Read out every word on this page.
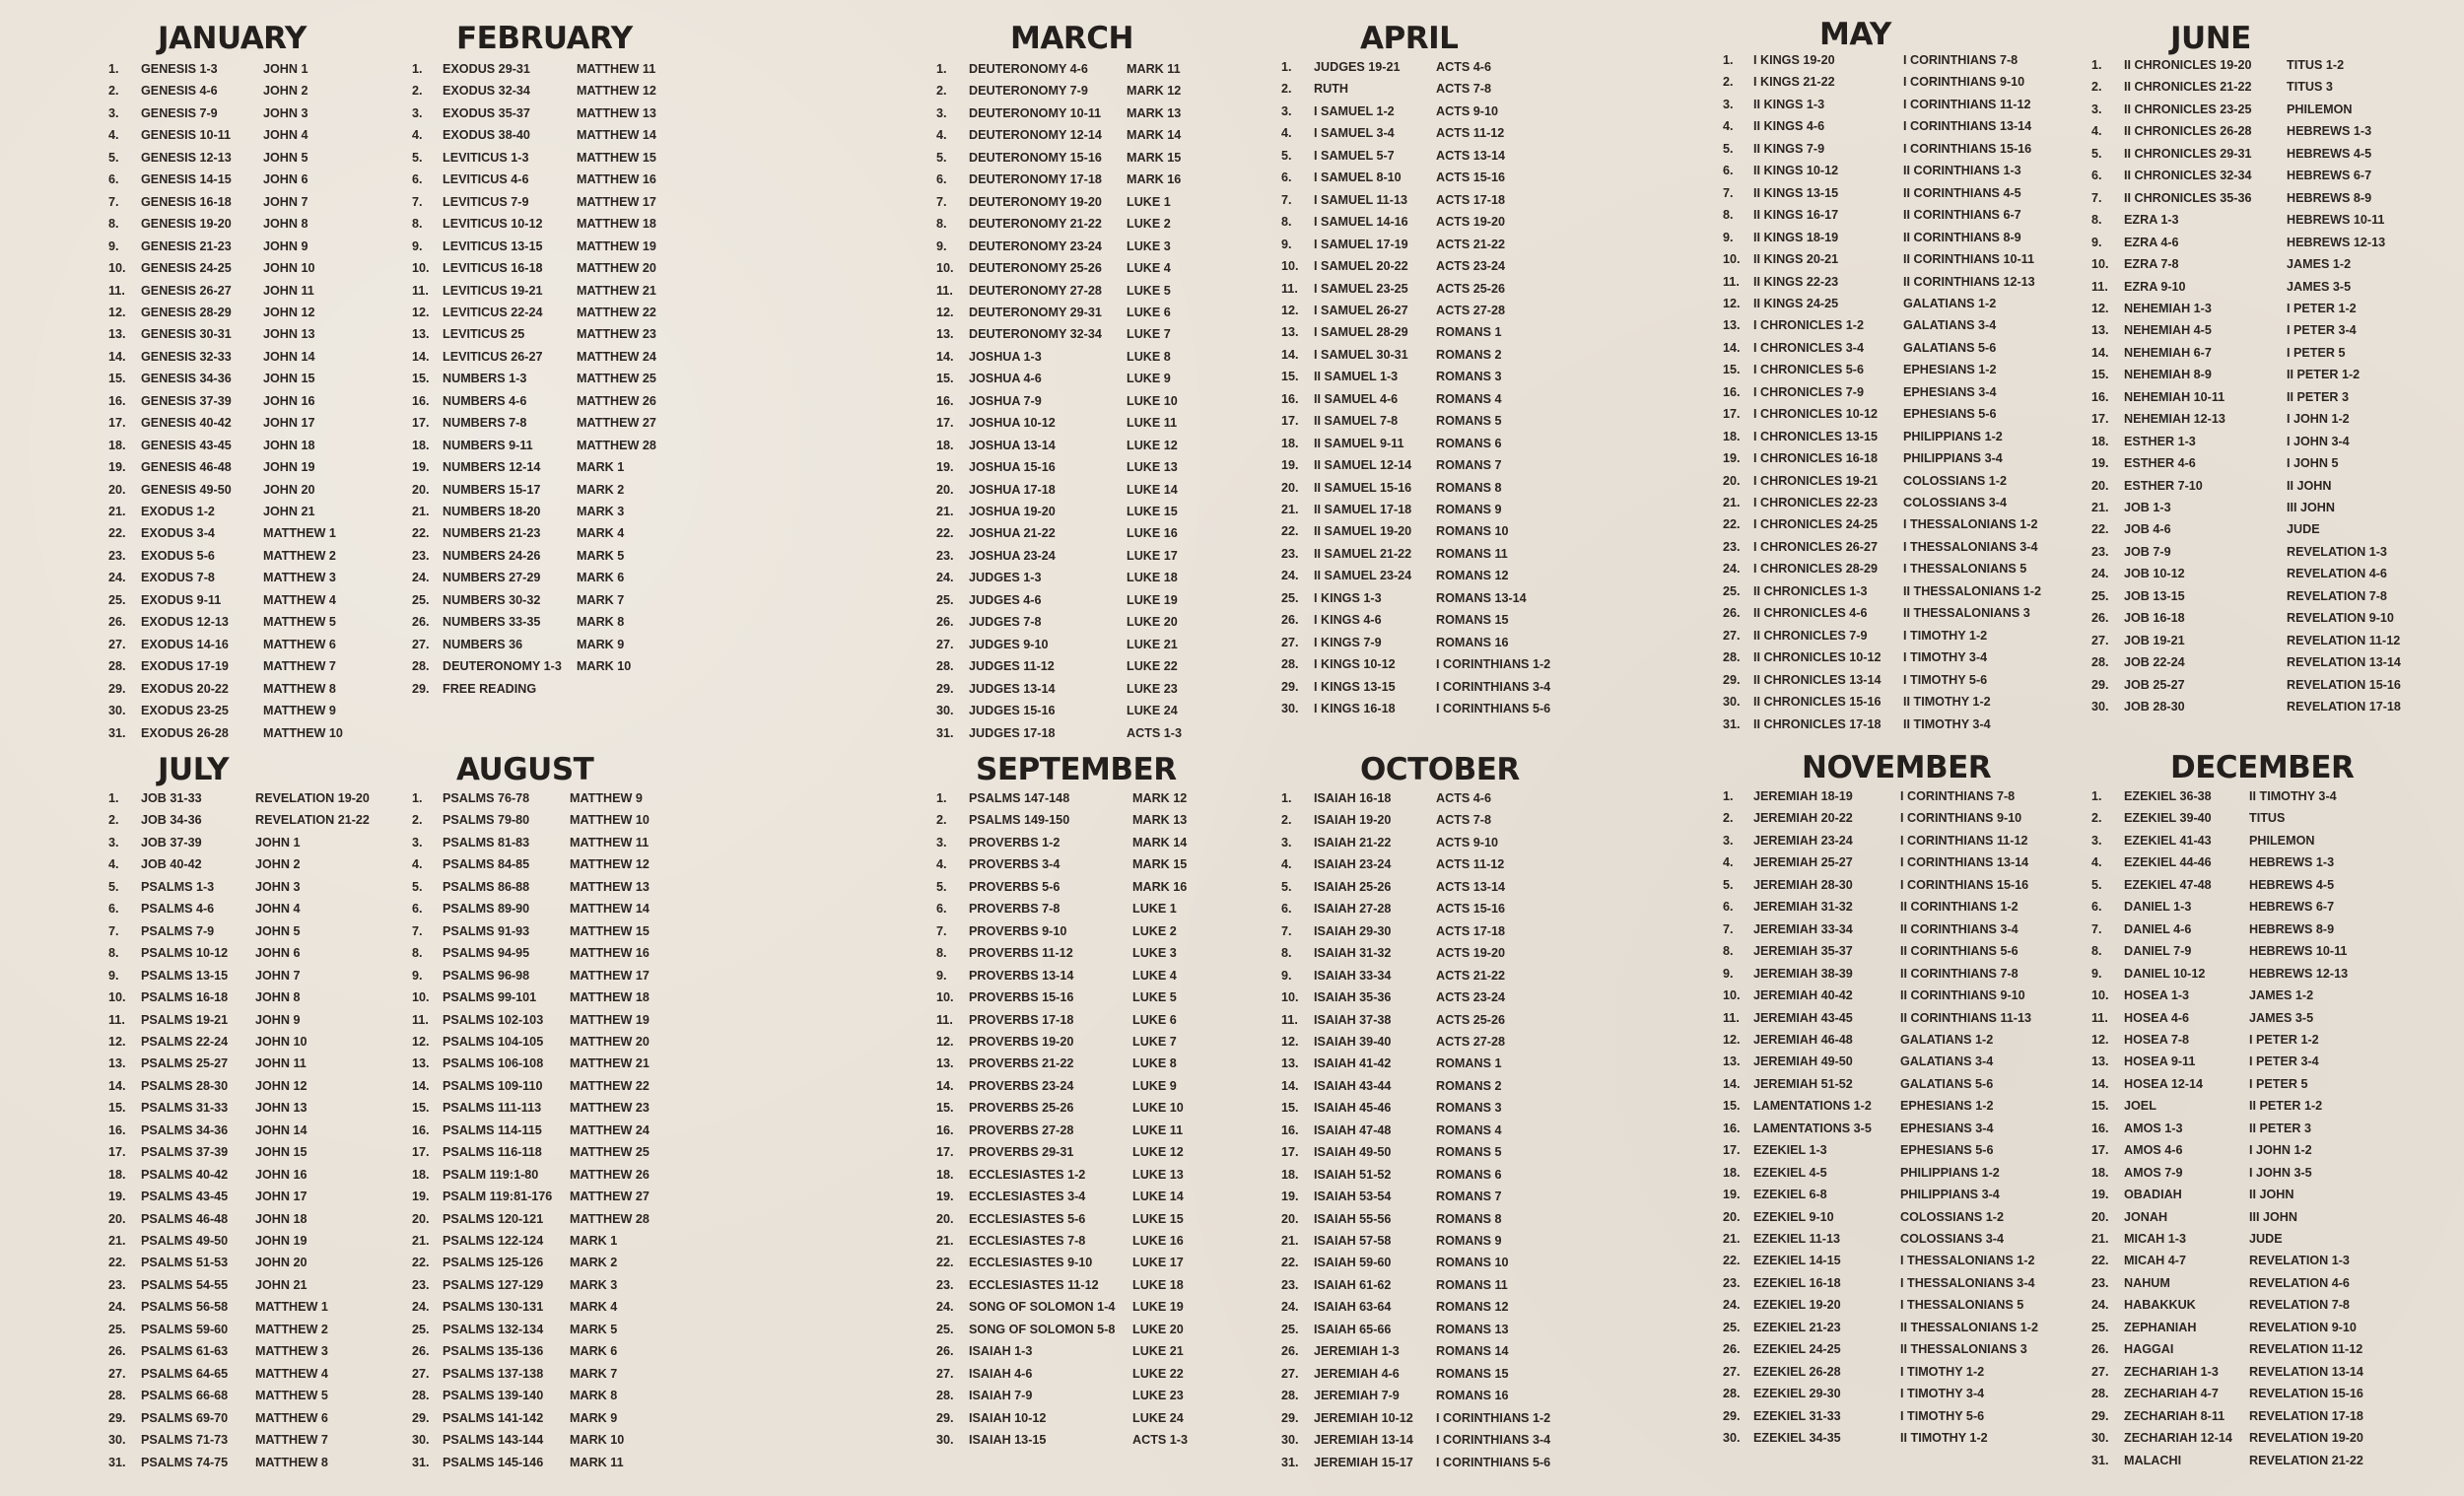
JANUARY
1. GENESIS 1-3	JOHN 1
2. GENESIS 4-6	JOHN 2
3. GENESIS 7-9	JOHN 3
4. GENESIS 10-11	JOHN 4
5. GENESIS 12-13	JOHN 5
6. GENESIS 14-15	JOHN 6
7. GENESIS 16-18	JOHN 7
8. GENESIS 19-20	JOHN 8
9. GENESIS 21-23	JOHN 9
10. GENESIS 24-25	JOHN 10
11. GENESIS 26-27	JOHN 11
12. GENESIS 28-29	JOHN 12
13. GENESIS 30-31	JOHN 13
14. GENESIS 32-33	JOHN 14
15. GENESIS 34-36	JOHN 15
16. GENESIS 37-39	JOHN 16
17. GENESIS 40-42	JOHN 17
18. GENESIS 43-45	JOHN 18
19. GENESIS 46-48	JOHN 19
20. GENESIS 49-50	JOHN 20
21. EXODUS 1-2	JOHN 21
22. EXODUS 3-4	MATTHEW 1
23. EXODUS 5-6	MATTHEW 2
24. EXODUS 7-8	MATTHEW 3
25. EXODUS 9-11	MATTHEW 4
26. EXODUS 12-13	MATTHEW 5
27. EXODUS 14-16	MATTHEW 6
28. EXODUS 17-19	MATTHEW 7
29. EXODUS 20-22	MATTHEW 8
30. EXODUS 23-25	MATTHEW 9
31. EXODUS 26-28	MATTHEW 10
FEBRUARY
1. EXODUS 29-31	MATTHEW 11
2. EXODUS 32-34	MATTHEW 12
3. EXODUS 35-37	MATTHEW 13
4. EXODUS 38-40	MATTHEW 14
5. LEVITICUS 1-3	MATTHEW 15
6. LEVITICUS 4-6	MATTHEW 16
7. LEVITICUS 7-9	MATTHEW 17
8. LEVITICUS 10-12	MATTHEW 18
9. LEVITICUS 13-15	MATTHEW 19
10. LEVITICUS 16-18	MATTHEW 20
11. LEVITICUS 19-21	MATTHEW 21
12. LEVITICUS 22-24	MATTHEW 22
13. LEVITICUS 25	MATTHEW 23
14. LEVITICUS 26-27	MATTHEW 24
15. NUMBERS 1-3	MATTHEW 25
16. NUMBERS 4-6	MATTHEW 26
17. NUMBERS 7-8	MATTHEW 27
18. NUMBERS 9-11	MATTHEW 28
19. NUMBERS 12-14	MARK 1
20. NUMBERS 15-17	MARK 2
21. NUMBERS 18-20	MARK 3
22. NUMBERS 21-23	MARK 4
23. NUMBERS 24-26	MARK 5
24. NUMBERS 27-29	MARK 6
25. NUMBERS 30-32	MARK 7
26. NUMBERS 33-35	MARK 8
27. NUMBERS 36	MARK 9
28. DEUTERONOMY 1-3 MARK 10
29. FREE READING
MARCH
1. DEUTERONOMY 4-6	MARK 11
2. DEUTERONOMY 7-9	MARK 12
3. DEUTERONOMY 10-11 MARK 13
4. DEUTERONOMY 12-14 MARK 14
5. DEUTERONOMY 15-16 MARK 15
6. DEUTERONOMY 17-18 MARK 16
7. DEUTERONOMY 19-20 LUKE 1
8. DEUTERONOMY 21-22 LUKE 2
9. DEUTERONOMY 23-24 LUKE 3
10. DEUTERONOMY 25-26 LUKE 4
11. DEUTERONOMY 27-28 LUKE 5
12. DEUTERONOMY 29-31 LUKE 6
13. DEUTERONOMY 32-34 LUKE 7
14. JOSHUA 1-3	LUKE 8
15. JOSHUA 4-6	LUKE 9
16. JOSHUA 7-9	LUKE 10
17. JOSHUA 10-12	LUKE 11
18. JOSHUA 13-14	LUKE 12
19. JOSHUA 15-16	LUKE 13
20. JOSHUA 17-18	LUKE 14
21. JOSHUA 19-20	LUKE 15
22. JOSHUA 21-22	LUKE 16
23. JOSHUA 23-24	LUKE 17
24. JUDGES 1-3	LUKE 18
25. JUDGES 4-6	LUKE 19
26. JUDGES 7-8	LUKE 20
27. JUDGES 9-10	LUKE 21
28. JUDGES 11-12	LUKE 22
29. JUDGES 13-14	LUKE 23
30. JUDGES 15-16	LUKE 24
31. JUDGES 17-18	ACTS 1-3
APRIL
1. JUDGES 19-21	ACTS 4-6
2. RUTH	ACTS 7-8
3. I SAMUEL 1-2	ACTS 9-10
4. I SAMUEL 3-4	ACTS 11-12
5. I SAMUEL 5-7	ACTS 13-14
6. I SAMUEL 8-10	ACTS 15-16
7. I SAMUEL 11-13 ACTS 17-18
8. I SAMUEL 14-16 ACTS 19-20
9. I SAMUEL 17-19 ACTS 21-22
10. I SAMUEL 20-22 ACTS 23-24
11. I SAMUEL 23-25 ACTS 25-26
12. I SAMUEL 26-27 ACTS 27-28
13. I SAMUEL 28-29 ROMANS 1
14. I SAMUEL 30-31 ROMANS 2
15. II SAMUEL 1-3	ROMANS 3
16. II SAMUEL 4-6	ROMANS 4
17. II SAMUEL 7-8	ROMANS 5
18. II SAMUEL 9-11	ROMANS 6
19. II SAMUEL 12-14 ROMANS 7
20. II SAMUEL 15-16 ROMANS 8
21. II SAMUEL 17-18 ROMANS 9
22. II SAMUEL 19-20 ROMANS 10
23. II SAMUEL 21-22 ROMANS 11
24. II SAMUEL 23-24 ROMANS 12
25. I KINGS 1-3	ROMANS 13-14
26. I KINGS 4-6	ROMANS 15
27. I KINGS 7-9	ROMANS 16
28. I KINGS 10-12	I CORINTHIANS 1-2
29. I KINGS 13-15	I CORINTHIANS 3-4
30. I KINGS 16-18	I CORINTHIANS 5-6
MAY
1. I KINGS 19-20	I CORINTHIANS 7-8
2. I KINGS 21-22	I CORINTHIANS 9-10
3. II KINGS 1-3	I CORINTHIANS 11-12
4. II KINGS 4-6	I CORINTHIANS 13-14
5. II KINGS 7-9	I CORINTHIANS 15-16
6. II KINGS 10-12	II CORINTHIANS 1-3
7. II KINGS 13-15	II CORINTHIANS 4-5
8. II KINGS 16-17	II CORINTHIANS 6-7
9. II KINGS 18-19	II CORINTHIANS 8-9
10. II KINGS 20-21	II CORINTHIANS 10-11
11. II KINGS 22-23	II CORINTHIANS 12-13
12. II KINGS 24-25	GALATIANS 1-2
13. I CHRONICLES 1-2	GALATIANS 3-4
14. I CHRONICLES 3-4	GALATIANS 5-6
15. I CHRONICLES 5-6	EPHESIANS 1-2
16. I CHRONICLES 7-9	EPHESIANS 3-4
17. I CHRONICLES 10-12 EPHESIANS 5-6
18. I CHRONICLES 13-15 PHILIPPIANS 1-2
19. I CHRONICLES 16-18 PHILIPPIANS 3-4
20. I CHRONICLES 19-21 COLOSSIANS 1-2
21. I CHRONICLES 22-23 COLOSSIANS 3-4
22. I CHRONICLES 24-25 I THESSALONIANS 1-2
23. I CHRONICLES 26-27 I THESSALONIANS 3-4
24. I CHRONICLES 28-29 I THESSALONIANS 5
25. II CHRONICLES 1-3	II THESSALONIANS 1-2
26. II CHRONICLES 4-6	II THESSALONIANS 3
27. II CHRONICLES 7-9	I TIMOTHY 1-2
28. II CHRONICLES 10-12 I TIMOTHY 3-4
29. II CHRONICLES 13-14 I TIMOTHY 5-6
30. II CHRONICLES 15-16 II TIMOTHY 1-2
31. II CHRONICLES 17-18 II TIMOTHY 3-4
JUNE
1. II CHRONICLES 19-20	TITUS 1-2
2. II CHRONICLES 21-22	TITUS 3
3. II CHRONICLES 23-25	PHILEMON
4. II CHRONICLES 26-28	HEBREWS 1-3
5. II CHRONICLES 29-31	HEBREWS 4-5
6. II CHRONICLES 32-34	HEBREWS 6-7
7. II CHRONICLES 35-36	HEBREWS 8-9
8. EZRA 1-3	HEBREWS 10-11
9. EZRA 4-6	HEBREWS 12-13
10. EZRA 7-8	JAMES 1-2
11. EZRA 9-10	JAMES 3-5
12. NEHEMIAH 1-3	I PETER 1-2
13. NEHEMIAH 4-5	I PETER 3-4
14. NEHEMIAH 6-7	I PETER 5
15. NEHEMIAH 8-9	II PETER 1-2
16. NEHEMIAH 10-11	II PETER 3
17. NEHEMIAH 12-13	I JOHN 1-2
18. ESTHER 1-3	I JOHN 3-4
19. ESTHER 4-6	I JOHN 5
20. ESTHER 7-10	II JOHN
21. JOB 1-3	III JOHN
22. JOB 4-6	JUDE
23. JOB 7-9	REVELATION 1-3
24. JOB 10-12	REVELATION 4-6
25. JOB 13-15	REVELATION 7-8
26. JOB 16-18	REVELATION 9-10
27. JOB 19-21	REVELATION 11-12
28. JOB 22-24	REVELATION 13-14
29. JOB 25-27	REVELATION 15-16
30. JOB 28-30	REVELATION 17-18
JULY
1. JOB 31-33	REVELATION 19-20
2. JOB 34-36	REVELATION 21-22
3. JOB 37-39	JOHN 1
4. JOB 40-42	JOHN 2
5. PSALMS 1-3	JOHN 3
6. PSALMS 4-6	JOHN 4
7. PSALMS 7-9	JOHN 5
8. PSALMS 10-12 JOHN 6
9. PSALMS 13-15 JOHN 7
10. PSALMS 16-18 JOHN 8
11. PSALMS 19-21 JOHN 9
12. PSALMS 22-24 JOHN 10
13. PSALMS 25-27 JOHN 11
14. PSALMS 28-30 JOHN 12
15. PSALMS 31-33 JOHN 13
16. PSALMS 34-36 JOHN 14
17. PSALMS 37-39 JOHN 15
18. PSALMS 40-42 JOHN 16
19. PSALMS 43-45 JOHN 17
20. PSALMS 46-48 JOHN 18
21. PSALMS 49-50 JOHN 19
22. PSALMS 51-53 JOHN 20
23. PSALMS 54-55 JOHN 21
24. PSALMS 56-58 MATTHEW 1
25. PSALMS 59-60 MATTHEW 2
26. PSALMS 61-63 MATTHEW 3
27. PSALMS 64-65 MATTHEW 4
28. PSALMS 66-68 MATTHEW 5
29. PSALMS 69-70 MATTHEW 6
30. PSALMS 71-73 MATTHEW 7
31. PSALMS 74-75 MATTHEW 8
AUGUST
1. PSALMS 76-78	MATTHEW 9
2. PSALMS 79-80	MATTHEW 10
3. PSALMS 81-83	MATTHEW 11
4. PSALMS 84-85	MATTHEW 12
5. PSALMS 86-88	MATTHEW 13
6. PSALMS 89-90	MATTHEW 14
7. PSALMS 91-93	MATTHEW 15
8. PSALMS 94-95	MATTHEW 16
9. PSALMS 96-98	MATTHEW 17
10. PSALMS 99-101	MATTHEW 18
11. PSALMS 102-103 MATTHEW 19
12. PSALMS 104-105 MATTHEW 20
13. PSALMS 106-108 MATTHEW 21
14. PSALMS 109-110 MATTHEW 22
15. PSALMS 111-113 MATTHEW 23
16. PSALMS 114-115 MATTHEW 24
17. PSALMS 116-118 MATTHEW 25
18. PSALM 119:1-80	MATTHEW 26
19. PSALM 119:81-176 MATTHEW 27
20. PSALMS 120-121 MATTHEW 28
21. PSALMS 122-124 MARK 1
22. PSALMS 125-126 MARK 2
23. PSALMS 127-129 MARK 3
24. PSALMS 130-131 MARK 4
25. PSALMS 132-134 MARK 5
26. PSALMS 135-136 MARK 6
27. PSALMS 137-138 MARK 7
28. PSALMS 139-140 MARK 8
29. PSALMS 141-142 MARK 9
30. PSALMS 143-144 MARK 10
31. PSALMS 145-146 MARK 11
SEPTEMBER
1. PSALMS 147-148	MARK 12
2. PSALMS 149-150	MARK 13
3. PROVERBS 1-2	MARK 14
4. PROVERBS 3-4	MARK 15
5. PROVERBS 5-6	MARK 16
6. PROVERBS 7-8	LUKE 1
7. PROVERBS 9-10	LUKE 2
8. PROVERBS 11-12	LUKE 3
9. PROVERBS 13-14	LUKE 4
10. PROVERBS 15-16	LUKE 5
11. PROVERBS 17-18	LUKE 6
12. PROVERBS 19-20	LUKE 7
13. PROVERBS 21-22	LUKE 8
14. PROVERBS 23-24	LUKE 9
15. PROVERBS 25-26	LUKE 10
16. PROVERBS 27-28	LUKE 11
17. PROVERBS 29-31	LUKE 12
18. ECCLESIASTES 1-2	LUKE 13
19. ECCLESIASTES 3-4	LUKE 14
20. ECCLESIASTES 5-6	LUKE 15
21. ECCLESIASTES 7-8	LUKE 16
22. ECCLESIASTES 9-10	LUKE 17
23. ECCLESIASTES 11-12	LUKE 18
24. SONG OF SOLOMON 1-4 LUKE 19
25. SONG OF SOLOMON 5-8 LUKE 20
26. ISAIAH 1-3	LUKE 21
27. ISAIAH 4-6	LUKE 22
28. ISAIAH 7-9	LUKE 23
29. ISAIAH 10-12	LUKE 24
30. ISAIAH 13-15	ACTS 1-3
OCTOBER
1. ISAIAH 16-18	ACTS 4-6
2. ISAIAH 19-20	ACTS 7-8
3. ISAIAH 21-22	ACTS 9-10
4. ISAIAH 23-24	ACTS 11-12
5. ISAIAH 25-26	ACTS 13-14
6. ISAIAH 27-28	ACTS 15-16
7. ISAIAH 29-30	ACTS 17-18
8. ISAIAH 31-32	ACTS 19-20
9. ISAIAH 33-34	ACTS 21-22
10. ISAIAH 35-36	ACTS 23-24
11. ISAIAH 37-38	ACTS 25-26
12. ISAIAH 39-40	ACTS 27-28
13. ISAIAH 41-42	ROMANS 1
14. ISAIAH 43-44	ROMANS 2
15. ISAIAH 45-46	ROMANS 3
16. ISAIAH 47-48	ROMANS 4
17. ISAIAH 49-50	ROMANS 5
18. ISAIAH 51-52	ROMANS 6
19. ISAIAH 53-54	ROMANS 7
20. ISAIAH 55-56	ROMANS 8
21. ISAIAH 57-58	ROMANS 9
22. ISAIAH 59-60	ROMANS 10
23. ISAIAH 61-62	ROMANS 11
24. ISAIAH 63-64	ROMANS 12
25. ISAIAH 65-66	ROMANS 13
26. JEREMIAH 1-3	ROMANS 14
27. JEREMIAH 4-6	ROMANS 15
28. JEREMIAH 7-9	ROMANS 16
29. JEREMIAH 10-12 I CORINTHIANS 1-2
30. JEREMIAH 13-14 I CORINTHIANS 3-4
31. JEREMIAH 15-17 I CORINTHIANS 5-6
NOVEMBER
1. JEREMIAH 18-19	I CORINTHIANS 7-8
2. JEREMIAH 20-22	I CORINTHIANS 9-10
3. JEREMIAH 23-24	I CORINTHIANS 11-12
4. JEREMIAH 25-27	I CORINTHIANS 13-14
5. JEREMIAH 28-30	I CORINTHIANS 15-16
6. JEREMIAH 31-32	II CORINTHIANS 1-2
7. JEREMIAH 33-34	II CORINTHIANS 3-4
8. JEREMIAH 35-37	II CORINTHIANS 5-6
9. JEREMIAH 38-39	II CORINTHIANS 7-8
10. JEREMIAH 40-42	II CORINTHIANS 9-10
11. JEREMIAH 43-45	II CORINTHIANS 11-13
12. JEREMIAH 46-48	GALATIANS 1-2
13. JEREMIAH 49-50	GALATIANS 3-4
14. JEREMIAH 51-52	GALATIANS 5-6
15. LAMENTATIONS 1-2 EPHESIANS 1-2
16. LAMENTATIONS 3-5 EPHESIANS 3-4
17. EZEKIEL 1-3	EPHESIANS 5-6
18. EZEKIEL 4-5	PHILIPPIANS 1-2
19. EZEKIEL 6-8	PHILIPPIANS 3-4
20. EZEKIEL 9-10	COLOSSIANS 1-2
21. EZEKIEL 11-13	COLOSSIANS 3-4
22. EZEKIEL 14-15	I THESSALONIANS 1-2
23. EZEKIEL 16-18	I THESSALONIANS 3-4
24. EZEKIEL 19-20	I THESSALONIANS 5
25. EZEKIEL 21-23	II THESSALONIANS 1-2
26. EZEKIEL 24-25	II THESSALONIANS 3
27. EZEKIEL 26-28	I TIMOTHY 1-2
28. EZEKIEL 29-30	I TIMOTHY 3-4
29. EZEKIEL 31-33	I TIMOTHY 5-6
30. EZEKIEL 34-35	II TIMOTHY 1-2
DECEMBER
1. EZEKIEL 36-38	II TIMOTHY 3-4
2. EZEKIEL 39-40	TITUS
3. EZEKIEL 41-43	PHILEMON
4. EZEKIEL 44-46	HEBREWS 1-3
5. EZEKIEL 47-48	HEBREWS 4-5
6. DANIEL 1-3	HEBREWS 6-7
7. DANIEL 4-6	HEBREWS 8-9
8. DANIEL 7-9	HEBREWS 10-11
9. DANIEL 10-12	HEBREWS 12-13
10. HOSEA 1-3	JAMES 1-2
11. HOSEA 4-6	JAMES 3-5
12. HOSEA 7-8	I PETER 1-2
13. HOSEA 9-11	I PETER 3-4
14. HOSEA 12-14	I PETER 5
15. JOEL	II PETER 1-2
16. AMOS 1-3	II PETER 3
17. AMOS 4-6	I JOHN 1-2
18. AMOS 7-9	I JOHN 3-5
19. OBADIAH	II JOHN
20. JONAH	III JOHN
21. MICAH 1-3	JUDE
22. MICAH 4-7	REVELATION 1-3
23. NAHUM	REVELATION 4-6
24. HABAKKUK	REVELATION 7-8
25. ZEPHANIAH	REVELATION 9-10
26. HAGGAI	REVELATION 11-12
27. ZECHARIAH 1-3 REVELATION 13-14
28. ZECHARIAH 4-7 REVELATION 15-16
29. ZECHARIAH 8-11 REVELATION 17-18
30. ZECHARIAH 12-14 REVELATION 19-20
31. MALACHI	REVELATION 21-22
